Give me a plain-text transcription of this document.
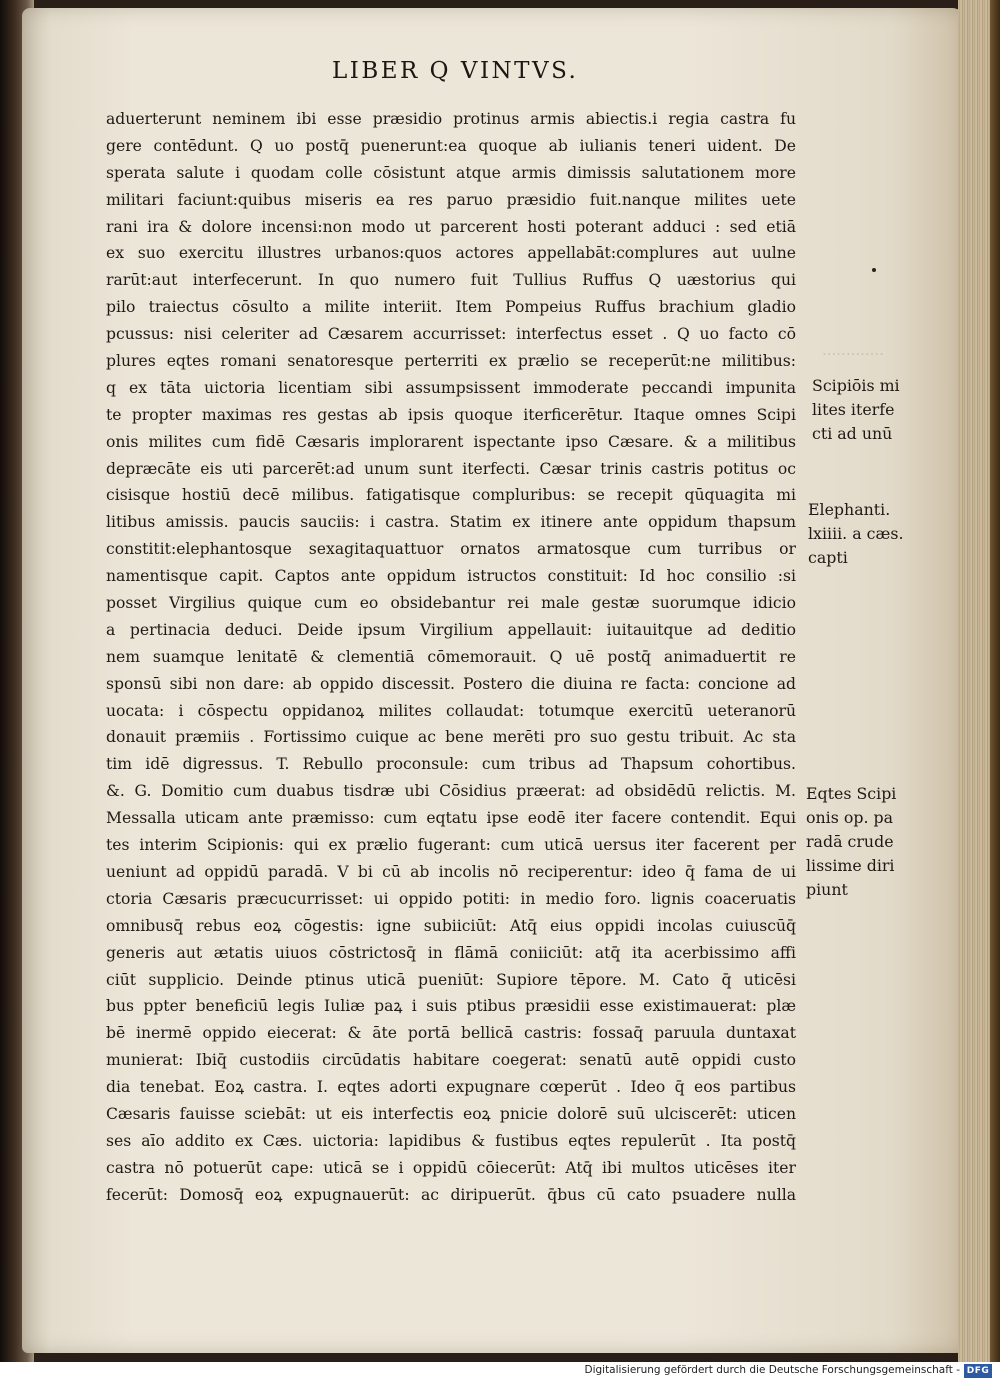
.............
LIBER Q VINTVS.
aduerterunt neminem ibi esse præsidio protinus armis abiectis.i regia castra fu
gere contēdunt. Q uo postq̄ puenerunt:ea quoque ab iulianis teneri uident. De
sperata salute i quodam colle cōsistunt atque armis dimissis salutationem more
militari faciunt:quibus miseris ea res paruo præsidio fuit.nanque milites uete
rani ira & dolore incensi:non modo ut parcerent hosti poterant adduci : sed etiā
ex suo exercitu illustres urbanos:quos actores appellabāt:complures aut uulne
rarūt:aut interfecerunt. In quo numero fuit Tullius Ruffus Q uæstorius qui
pilo traiectus cōsulto a milite interiit. Item Pompeius Ruffus brachium gladio
pcussus: nisi celeriter ad Cæsarem accurrisset: interfectus esset . Q uo facto cō
plures eqtes romani senatoresque perterriti ex prælio se receperūt:ne militibus:
q ex tāta uictoria licentiam sibi assumpsissent immoderate peccandi impunita
te propter maximas res gestas ab ipsis quoque iterficerētur. Itaque omnes Scipi
onis milites cum fidē Cæsaris implorarent ispectante ipso Cæsare. & a militibus
depræcāte eis uti parcerēt:ad unum sunt iterfecti. Cæsar trinis castris potitus oc
cisisque hostiū decē milibus. fatigatisque compluribus: se recepit qūquagita mi
litibus amissis. paucis sauciis: i castra. Statim ex itinere ante oppidum thapsum
constitit:elephantosque sexagitaquattuor ornatos armatosque cum turribus or
namentisque capit. Captos ante oppidum istructos constituit: Id hoc consilio :si
posset Virgilius quique cum eo obsidebantur rei male gestæ suorumque idicio
a pertinacia deduci. Deide ipsum Virgilium appellauit: iuitauitque ad deditio
nem suamque lenitatē & clementiā cōmemorauit. Q uē postq̄ animaduertit re
sponsū sibi non dare: ab oppido discessit. Postero die diuina re facta: concione ad
uocata: i cōspectu oppidanoꝝ milites collaudat: totumque exercitū ueteranorū
donauit præmiis . Fortissimo cuique ac bene merēti pro suo gestu tribuit. Ac sta
tim idē digressus. T. Rebullo proconsule: cum tribus ad Thapsum cohortibus.
&. G. Domitio cum duabus tisdræ ubi Cōsidius præerat: ad obsidēdū relictis. M.
Messalla uticam ante præmisso: cum eqtatu ipse eodē iter facere contendit. Equi
tes interim Scipionis: qui ex prælio fugerant: cum uticā uersus iter facerent per
ueniunt ad oppidū paradā. V bi cū ab incolis nō reciperentur: ideo q̄ fama de ui
ctoria Cæsaris præcucurrisset: ui oppido potiti: in medio foro. lignis coaceruatis
omnibusq̄ rebus eoꝝ cōgestis: igne subiiciūt: Atq̄ eius oppidi incolas cuiuscūq̄
generis aut ætatis uiuos cōstrictosq̄ in flāmā coniiciūt: atq̄ ita acerbissimo affi
ciūt supplicio. Deinde ptinus uticā pueniūt: Supiore tēpore. M. Cato q̄ uticēsi
bus ppter beneficiū legis Iuliæ paꝝ i suis ptibus præsidii esse existimauerat: plæ
bē inermē oppido eiecerat: & āte portā bellicā castris: fossaq̄ paruula duntaxat
munierat: Ibiq̄ custodiis circūdatis habitare coegerat: senatū autē oppidi custo
dia tenebat. Eoꝝ castra. I. eqtes adorti expugnare cœperūt . Ideo q̄ eos partibus
Cæsaris fauisse sciebāt: ut eis interfectis eoꝝ pnicie dolorē suū ulciscerēt: uticen
ses aīo addito ex Cæs. uictoria: lapidibus & fustibus eqtes repulerūt . Ita postq̄
castra nō potuerūt cape: uticā se i oppidū cōiecerūt: Atq̄ ibi multos uticēses iter
fecerūt: Domosq̄ eoꝝ expugnauerūt: ac diripuerūt. q̄bus cū cato psuadere nulla
Scipiōis mi
lites iterfe
cti ad unū
Elephanti.
lxiiii. a cæs.
capti
Eqtes Scipi
onis op. pa
radā crude
lissime diri
piunt
Digitalisierung gefördert durch die Deutsche Forschungsgemeinschaft - DFG
